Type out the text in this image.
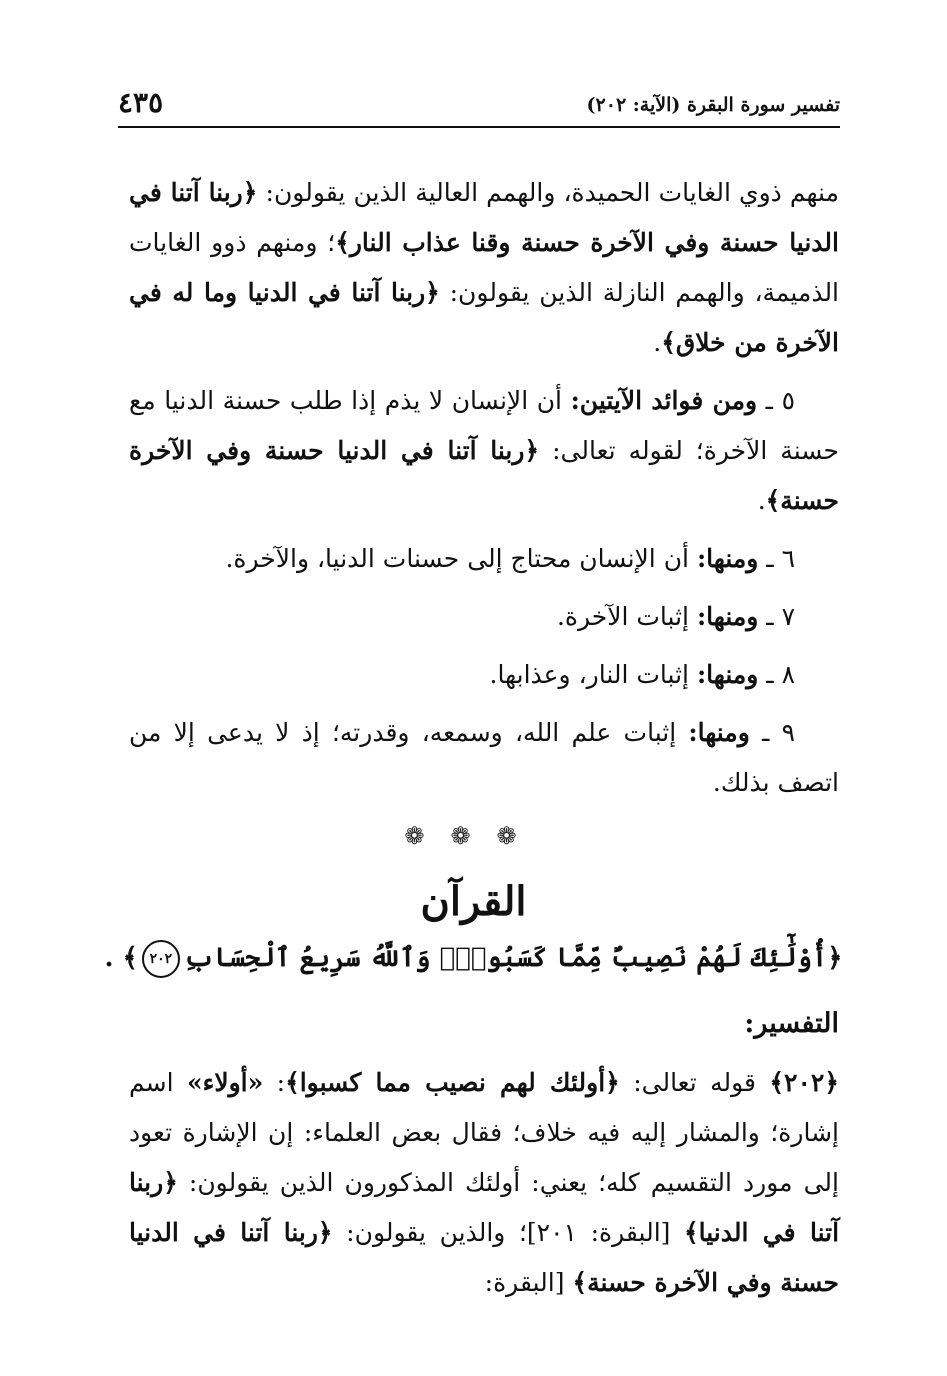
تفسير سورة البقرة (الآية: ٢٠٢)
٤٣٥

منهم ذوي الغايات الحميدة، والهمم العالية الذين يقولون: ﴿ربنا آتنا في الدنيا حسنة وفي الآخرة حسنة وقنا عذاب النار﴾؛ ومنهم ذوو الغايات الذميمة، والهمم النازلة الذين يقولون: ﴿ربنا آتنا في الدنيا وما له في الآخرة من خلاق﴾.

٥ ـ ومن فوائد الآيتين: أن الإنسان لا يذم إذا طلب حسنة الدنيا مع حسنة الآخرة؛ لقوله تعالى: ﴿ربنا آتنا في الدنيا حسنة وفي الآخرة حسنة﴾.

٦ ـ ومنها: أن الإنسان محتاج إلى حسنات الدنيا، والآخرة.

٧ ـ ومنها: إثبات الآخرة.

٨ ـ ومنها: إثبات النار، وعذابها.

٩ ـ ومنها: إثبات علم الله، وسمعه، وقدرته؛ إذ لا يدعى إلا من اتصف بذلك.

❁❁❁
القرآن
﴿أُوْلَٰٓئِكَ لَهُمْ نَصِيبٌ مِّمَّا كَسَبُواْۚ وَٱللَّهُ سَرِيعُ ٱلْحِسَابِ٢٠٢﴾ .
التفسير:

﴿٢٠٢﴾ قوله تعالى: ﴿أولئك لهم نصيب مما كسبوا﴾: «أولاء» اسم إشارة؛ والمشار إليه فيه خلاف؛ فقال بعض العلماء: إن الإشارة تعود إلى مورد التقسيم كله؛ يعني: أولئك المذكورون الذين يقولون: ﴿ربنا آتنا في الدنيا﴾ [البقرة: ٢٠١]؛ والذين يقولون: ﴿ربنا آتنا في الدنيا حسنة وفي الآخرة حسنة﴾ [البقرة:
